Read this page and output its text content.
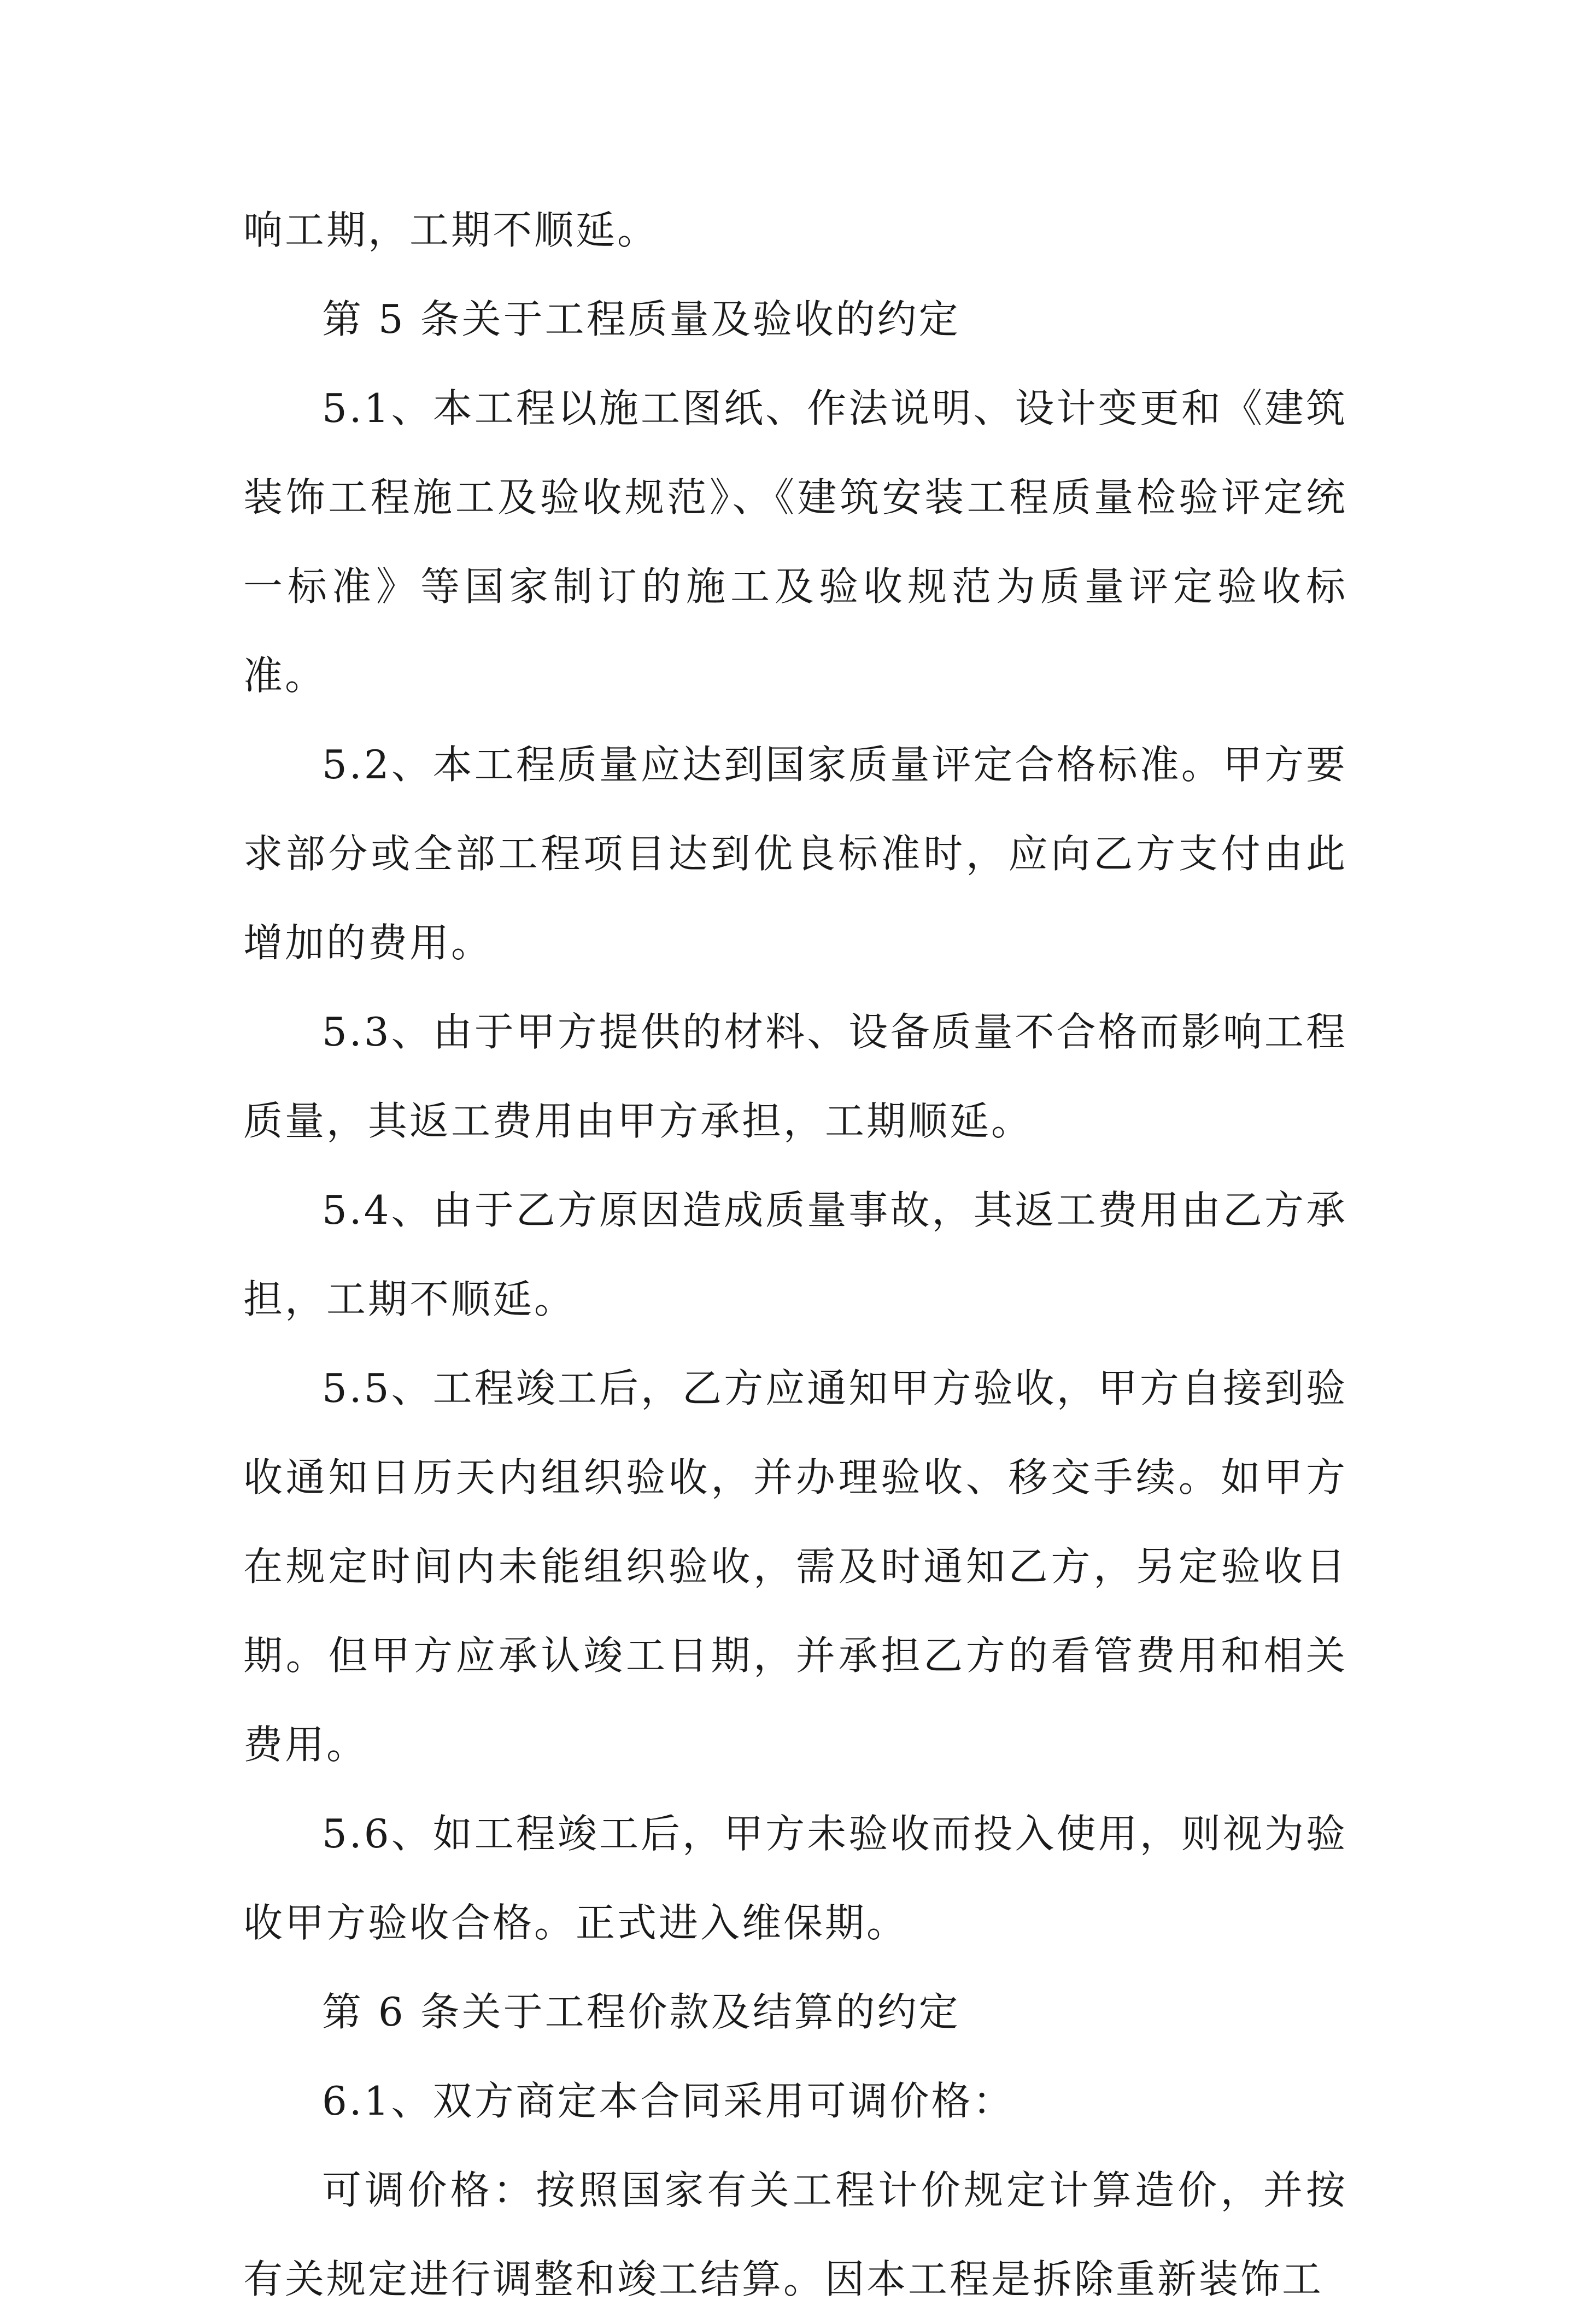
响工期，工期不顺延。

第 5 条关于工程质量及验收的约定

5.1、本工程以施工图纸、作法说明、设计变更和《建筑装饰工程施工及验收规范》、《建筑安装工程质量检验评定统一标准》等国家制订的施工及验收规范为质量评定验收标准。

5.2、本工程质量应达到国家质量评定合格标准。甲方要求部分或全部工程项目达到优良标准时，应向乙方支付由此增加的费用。

5.3、由于甲方提供的材料、设备质量不合格而影响工程质量，其返工费用由甲方承担，工期顺延。

5.4、由于乙方原因造成质量事故，其返工费用由乙方承担，工期不顺延。

5.5、工程竣工后，乙方应通知甲方验收，甲方自接到验收通知日历天内组织验收，并办理验收、移交手续。如甲方在规定时间内未能组织验收，需及时通知乙方，另定验收日期。但甲方应承认竣工日期，并承担乙方的看管费用和相关费用。

5.6、如工程竣工后，甲方未验收而投入使用，则视为验收甲方验收合格。正式进入维保期。

第 6 条关于工程价款及结算的约定

6.1、双方商定本合同采用可调价格：

可调价格：按照国家有关工程计价规定计算造价，并按有关规定进行调整和竣工结算。因本工程是拆除重新装饰工
